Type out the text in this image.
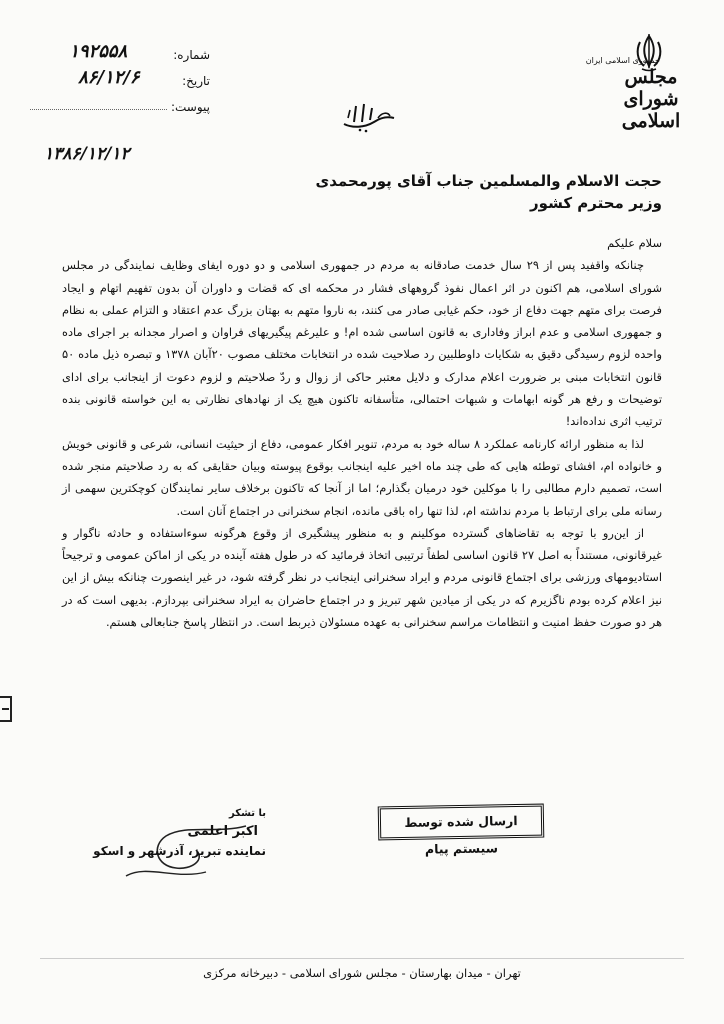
شماره:
۱۹۲۵۵۸
تاریخ:
۸۶/۱۲/۶
پیوست:
جمهوری اسلامی ایران
مجلس شورای اسلامی
۱۳۸۶/۱۲/۱۲
حجت الاسلام والمسلمین جناب آقای پورمحمدی
وزیر محترم کشور

سلام علیکم

چنانکه واقفید پس از ۲۹ سال خدمت صادقانه به مردم در جمهوری اسلامی و دو دوره ایفای وظایف نمایندگی در مجلس شورای اسلامی، هم اکنون در اثر اعمال نفوذ گروههای فشار در محکمه ای که قضات و داوران آن بدون تفهیم اتهام و ایجاد فرصت برای متهم جهت دفاع از خود، حکم غیابی صادر می کنند، به ناروا متهم به بهتان بزرگ عدم اعتقاد و التزام عملی به نظام و جمهوری اسلامی و عدم ابراز وفاداری به قانون اساسی شده ام! و علیرغم پیگیریهای فراوان و اصرار مجدانه بر اجرای ماده واحده لزوم رسیدگی دقیق به شکایات داوطلبین رد صلاحیت شده در انتخابات مختلف مصوب ۲۰آبان ۱۳۷۸ و تبصره ذیل ماده ۵۰ قانون انتخابات مبنی بر ضرورت اعلام مدارک و دلایل معتبر حاکی از زوال و ردّ صلاحیتم و لزوم دعوت از اینجانب برای ادای توضیحات و رفع هر گونه ابهامات و شبهات احتمالی، متأسفانه تاکنون هیچ یک از نهادهای نظارتی به این خواسته قانونی بنده ترتیب اثری نداده‌اند!

لذا به منظور ارائه کارنامه عملکرد ۸ ساله خود به مردم، تنویر افکار عمومی، دفاع از حیثیت انسانی، شرعی و قانونی خویش و خانواده ام، افشای توطئه هایی که طی چند ماه اخیر علیه اینجانب بوقوع پیوسته وبیان حقایقی که به رد صلاحیتم منجر شده است، تصمیم دارم مطالبی را با موکلین خود درمیان بگذارم؛ اما از آنجا که تاکنون برخلاف سایر نمایندگان کوچکترین سهمی از رسانه ملی برای ارتباط با مردم نداشته ام، لذا تنها راه باقی مانده، انجام سخنرانی در اجتماع آنان است.

از این‌رو با توجه به تقاضاهای گسترده موکلینم و به منظور پیشگیری از وقوع هرگونه سوءاستفاده و حادثه ناگوار و غیرقانونی، مستنداً به اصل ۲۷ قانون اساسی لطفاً ترتیبی اتخاذ فرمائید که در طول هفته آینده در یکی از اماکن عمومی و ترجیحاً استادیومهای ورزشی برای اجتماع قانونی مردم و ایراد سخنرانی اینجانب در نظر گرفته شود، در غیر اینصورت چنانکه بیش از این نیز اعلام کرده بودم ناگزیرم که در یکی از میادین شهر تبریز و در اجتماع حاضران به ایراد سخنرانی بپردازم. بدیهی است که در هر دو صورت حفظ امنیت و انتظامات مراسم سخنرانی به عهده مسئولان ذیربط است. در انتظار پاسخ جنابعالی هستم.

ارسال شده توسط سیستم پیام
با تشکر
اکبر اعلمی
نماینده تبریز، آذرشهر و اسکو
تهران - میدان بهارستان - مجلس شورای اسلامی - دبیرخانه مرکزی
